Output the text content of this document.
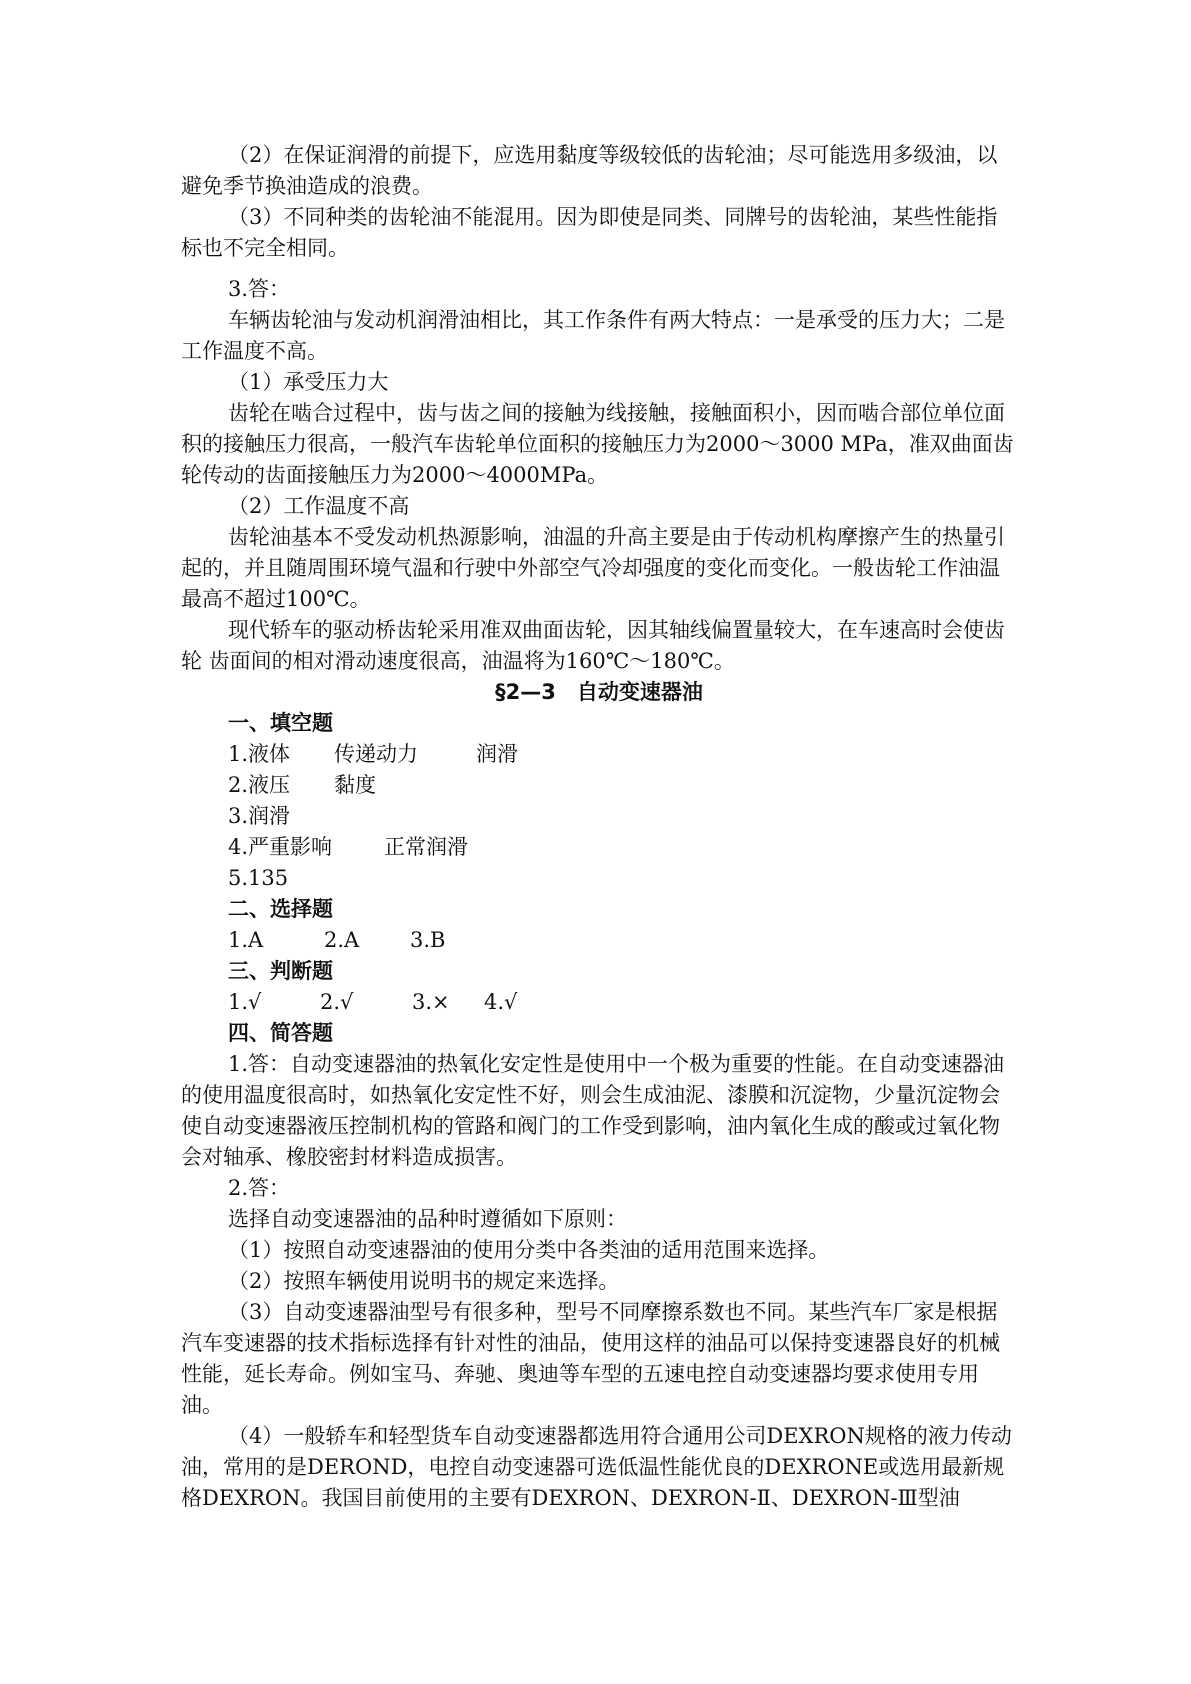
（2）在保证润滑的前提下，应选用黏度等级较低的齿轮油；尽可能选用多级油，以避免季节换油造成的浪费。

（3）不同种类的齿轮油不能混用。因为即使是同类、同牌号的齿轮油，某些性能指标也不完全相同。

3.答：

车辆齿轮油与发动机润滑油相比，其工作条件有两大特点：一是承受的压力大；二是工作温度不高。

（1）承受压力大

齿轮在啮合过程中，齿与齿之间的接触为线接触，接触面积小，因而啮合部位单位面积的接触压力很高，一般汽车齿轮单位面积的接触压力为2000～3000 MPa，准双曲面齿轮传动的齿面接触压力为2000～4000MPa。

（2）工作温度不高

齿轮油基本不受发动机热源影响，油温的升高主要是由于传动机构摩擦产生的热量引起的，并且随周围环境气温和行驶中外部空气冷却强度的变化而变化。一般齿轮工作油温最高不超过100℃。

现代轿车的驱动桥齿轮采用准双曲面齿轮，因其轴线偏置量较大，在车速高时会使齿轮 齿面间的相对滑动速度很高，油温将为160℃～180℃。

§2—3　自动变速器油

一、填空题

1.液体 传递动力	润滑

2.液压 黏度

3.润滑

4.严重影响 正常润滑

5.135

二、选择题

1.A	2.A 3.B

三、判断题

1.√	2.√	3.× 4.√

四、简答题

1.答：自动变速器油的热氧化安定性是使用中一个极为重要的性能。在自动变速器油的使用温度很高时，如热氧化安定性不好，则会生成油泥、漆膜和沉淀物，少量沉淀物会使自动变速器液压控制机构的管路和阀门的工作受到影响，油内氧化生成的酸或过氧化物会对轴承、橡胶密封材料造成损害。

2.答：

选择自动变速器油的品种时遵循如下原则：

（1）按照自动变速器油的使用分类中各类油的适用范围来选择。

（2）按照车辆使用说明书的规定来选择。

（3）自动变速器油型号有很多种，型号不同摩擦系数也不同。某些汽车厂家是根据汽车变速器的技术指标选择有针对性的油品，使用这样的油品可以保持变速器良好的机械性能，延长寿命。例如宝马、奔驰、奥迪等车型的五速电控自动变速器均要求使用专用油。

（4）一般轿车和轻型货车自动变速器都选用符合通用公司DEXRON规格的液力传动油，常用的是DEROND，电控自动变速器可选低温性能优良的DEXRONE或选用最新规格DEXRON。我国目前使用的主要有DEXRON、DEXRON-Ⅱ、DEXRON-Ⅲ型油
